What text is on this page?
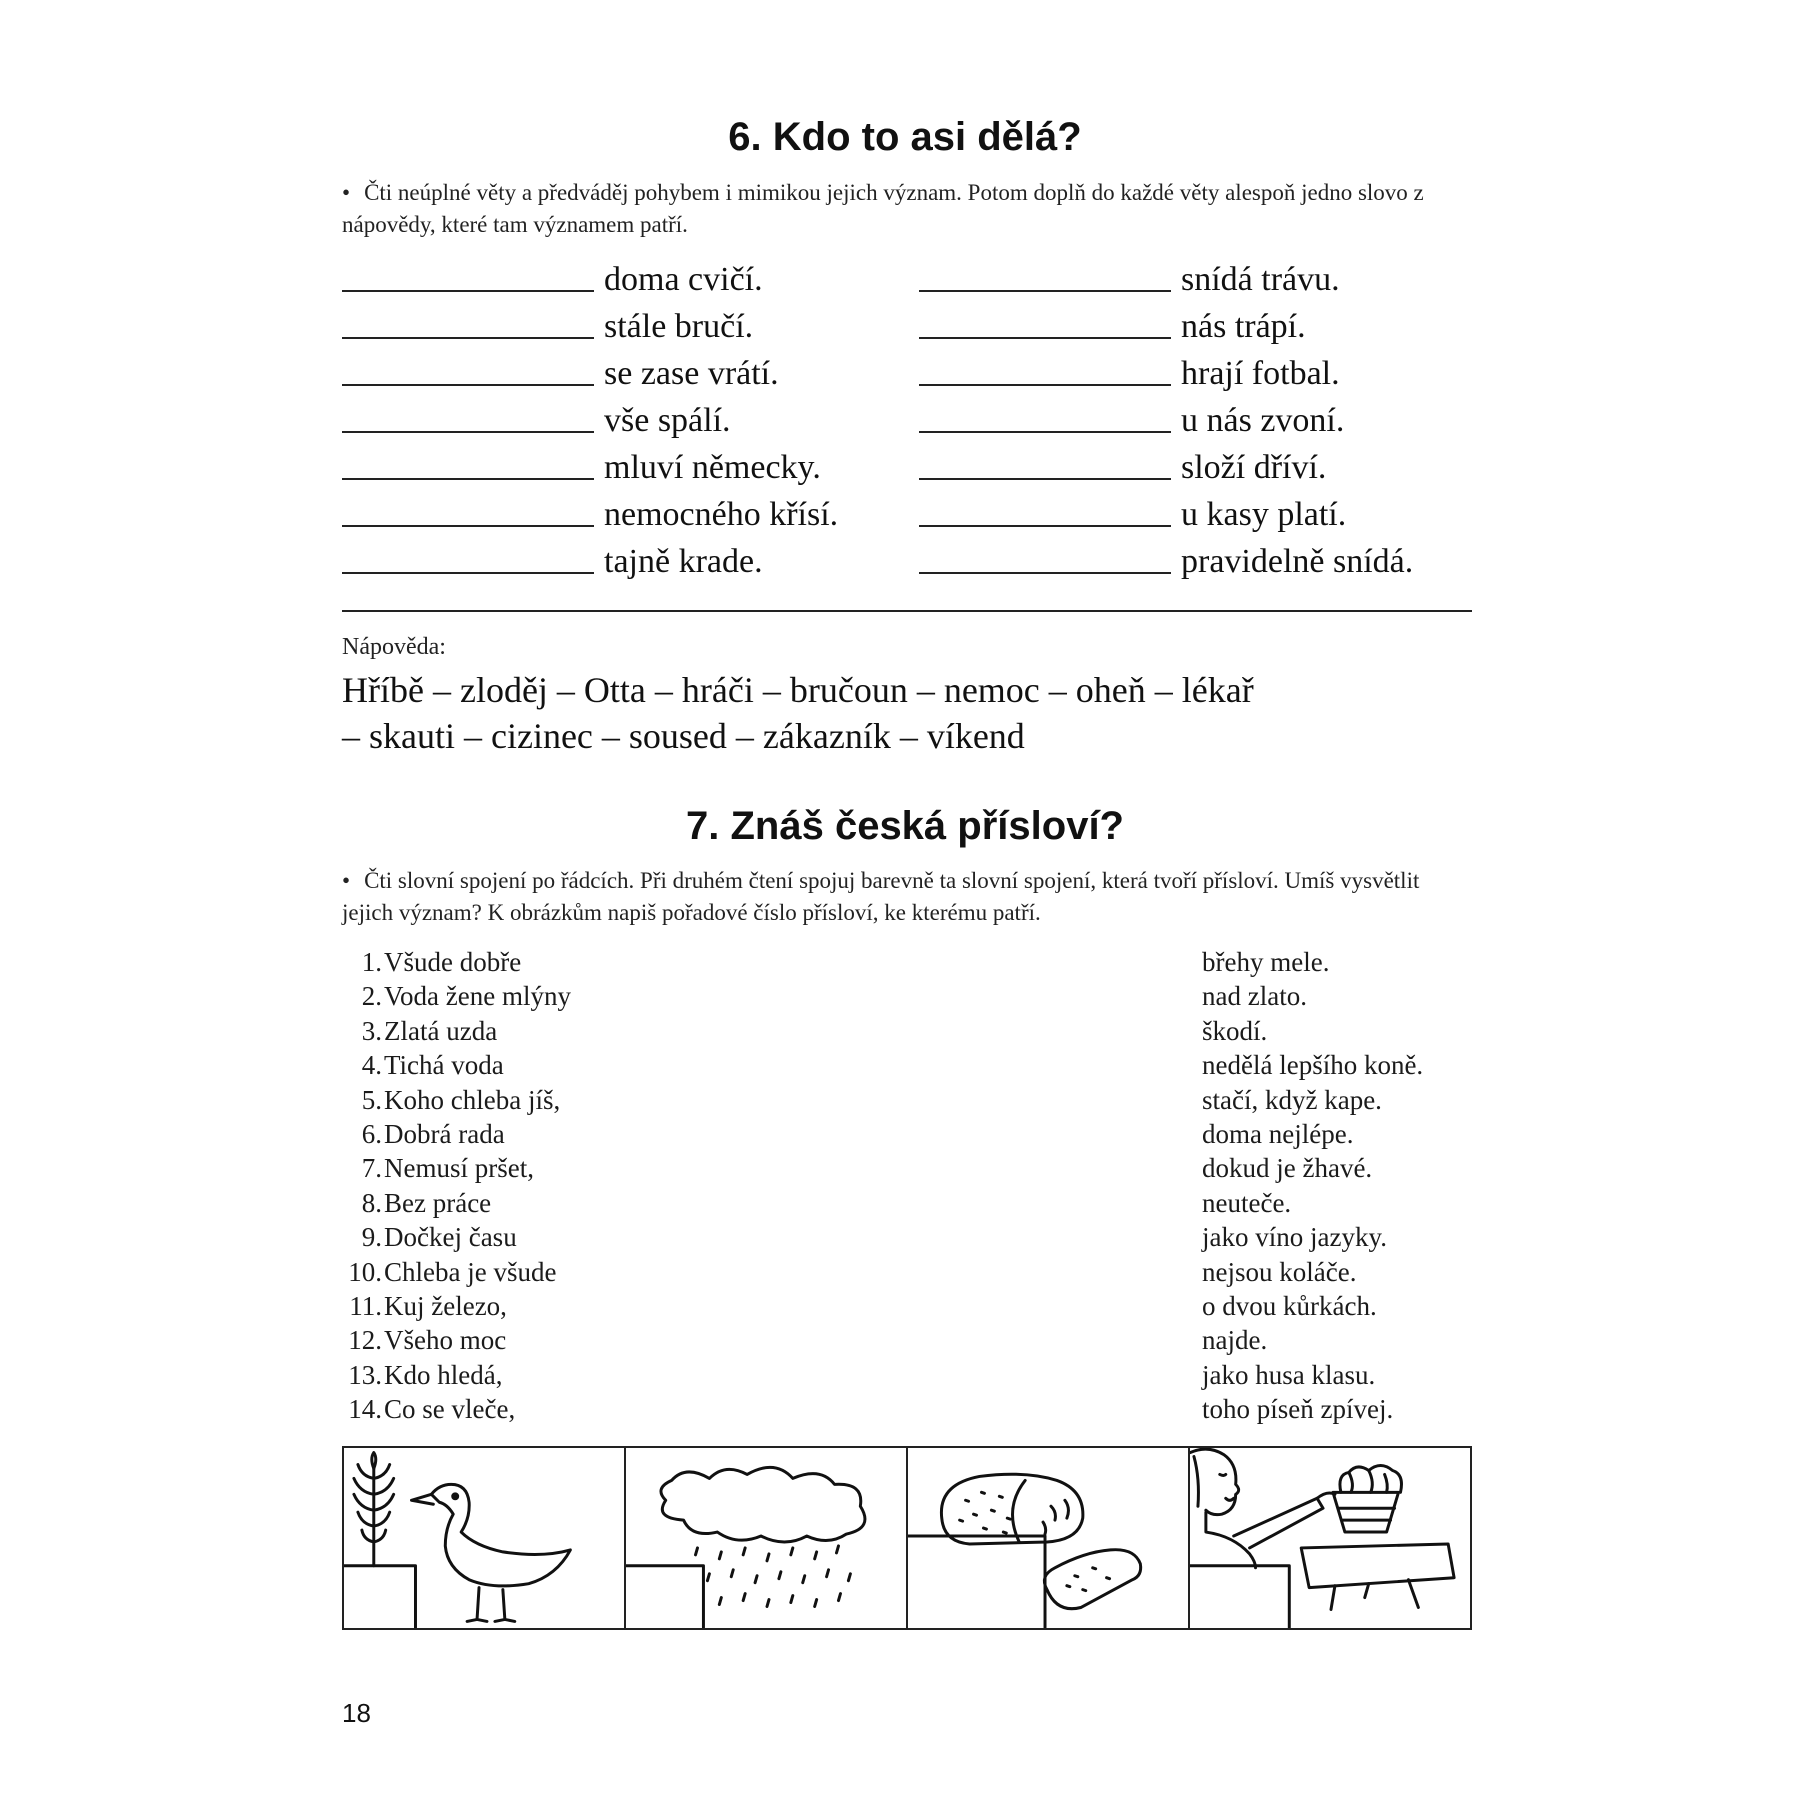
6. Kdo to asi dělá?
• Čti neúplné věty a předváděj pohybem i mimikou jejich význam. Potom doplň do každé věty alespoň jedno slovo z nápovědy, které tam významem patří.
doma cvičí.	snídá trávu.
stále bručí.	nás trápí.
se zase vrátí.	hrají fotbal.
vše spálí.	u nás zvoní.
mluví německy.	složí dříví.
nemocného křísí.	u kasy platí.
tajně krade.	pravidelně snídá.
Nápověda:
Hříbě – zloděj – Otta – hráči – bručoun – nemoc – oheň – lékař
– skauti – cizinec – soused – zákazník – víkend
7. Znáš česká přísloví?
• Čti slovní spojení po řádcích. Při druhém čtení spojuj barevně ta slovní spojení, která tvoří přísloví. Umíš vysvětlit jejich význam? K obrázkům napiš pořadové číslo přísloví, ke kterému patří.
1. Všude dobře	břehy mele.
2. Voda žene mlýny	nad zlato.
3. Zlatá uzda	škodí.
4. Tichá voda	nedělá lepšího koně.
5. Koho chleba jíš,	stačí, když kape.
6. Dobrá rada	doma nejlépe.
7. Nemusí pršet,	dokud je žhavé.
8. Bez práce	neuteče.
9. Dočkej času	jako víno jazyky.
10. Chleba je všude	nejsou koláče.
11. Kuj železo,	o dvou kůrkách.
12. Všeho moc	najde.
13. Kdo hledá,	jako husa klasu.
14. Co se vleče,	toho píseň zpívej.
18
